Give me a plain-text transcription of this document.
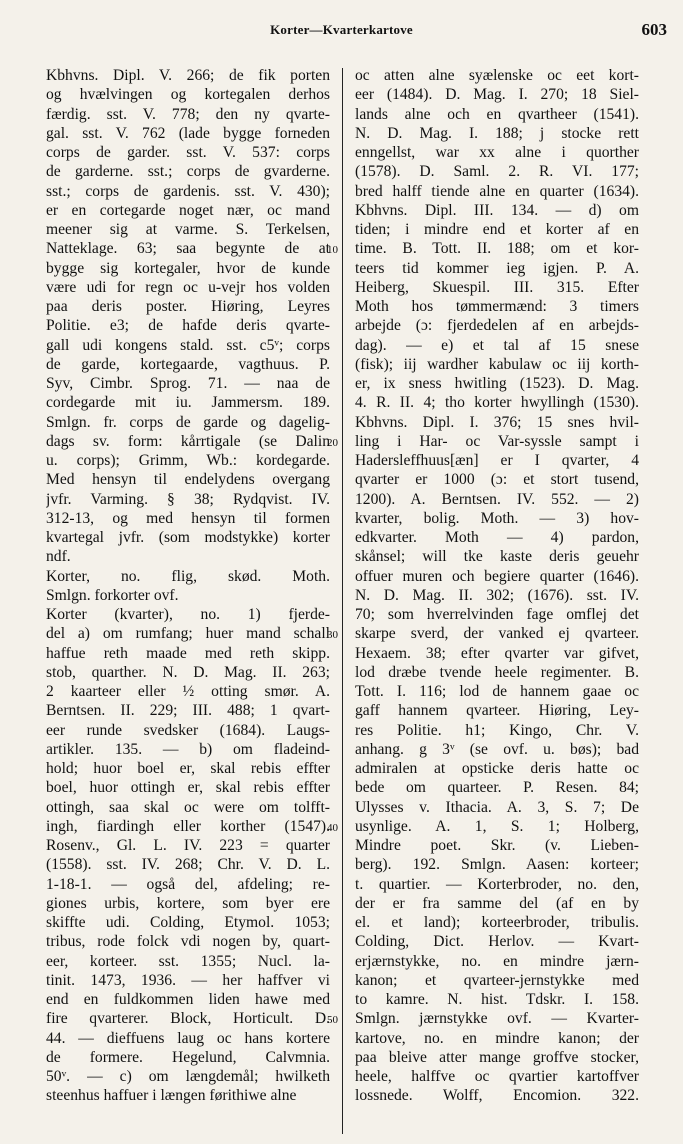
Korter—Kvarterkartove	603
Kbhvns. Dipl. V. 266; de fik porten
og hvælvingen og kortegalen derhos
færdig. sst. V. 778; den ny qvarte-
gal. sst. V. 762 (lade bygge forneden
corps de garder. sst. V. 537: corps
de garderne. sst.; corps de gvarderne.
sst.; corps de gardenis. sst. V. 430);
er en cortegarde noget nær, oc mand
meener sig at varme. S. Terkelsen,
Natteklage. 63; saa begynte de at
bygge sig kortegaler, hvor de kunde
være udi for regn oc u-vejr hos volden
paa deris poster. Hiøring, Leyres
Politie. e3; de hafde deris qvarte-
gall udi kongens stald. sst. c5ᵛ; corps
de garde, kortegaarde, vagthuus. P.
Syv, Cimbr. Sprog. 71. — naa de
cordegarde mit iu. Jammersm. 189.
Smlgn. fr. corps de garde og dagelig-
dags sv. form: kårrtigale (se Dalin
u. corps); Grimm, Wb.: kordegarde.
Med hensyn til endelydens overgang
jvfr. Varming. § 38; Rydqvist. IV.
312-13, og med hensyn til formen
kvartegal jvfr. (som modstykke) korter
ndf.
Korter, no. flig, skød. Moth.
Smlgn. forkorter ovf.
Korter (kvarter), no. 1) fjerde-
del a) om rumfang; huer mand schall
haffue reth maade med reth skipp.
stob, quarther. N. D. Mag. II. 263;
2 kaarteer eller ½ otting smør. A.
Berntsen. II. 229; III. 488; 1 qvart-
eer runde svedsker (1684). Laugs-
artikler. 135. — b) om fladeind-
hold; huor boel er, skal rebis effter
boel, huor ottingh er, skal rebis effter
ottingh, saa skal oc were om tolfft-
ingh, fiardingh eller korther (1547).
Rosenv., Gl. L. IV. 223 = quarter
(1558). sst. IV. 268; Chr. V. D. L.
1-18-1. — også del, afdeling; re-
giones urbis, kortere, som byer ere
skiffte udi. Colding, Etymol. 1053;
tribus, rode folck vdi nogen by, quart-
eer, korteer. sst. 1355; Nucl. la-
tinit. 1473, 1936. — her haffver vi
end en fuldkommen liden hawe med
fire qvarterer. Block, Horticult. D.
44. — dieffuens laug oc hans kortere
de formere. Hegelund, Calvmnia.
50ᵛ. — c) om længdemål; hwilketh
steenhus haffuer i længen førithiwe alne
oc atten alne syælenske oc eet kort-
eer (1484). D. Mag. I. 270; 18 Siel-
lands alne och en qvartheer (1541).
N. D. Mag. I. 188; j stocke rett
enngellst, war xx alne i quorther
(1578). D. Saml. 2. R. VI. 177;
bred halff tiende alne en quarter (1634).
Kbhvns. Dipl. III. 134. — d) om
tiden; i mindre end et korter af en
time. B. Tott. II. 188; om et kor-
teers tid kommer ieg igjen. P. A.
Heiberg, Skuespil. III. 315. Efter
Moth hos tømmermænd: 3 timers
arbejde (ɔ: fjerdedelen af en arbejds-
dag). — e) et tal af 15 snese
(fisk); iij wardher kabulaw oc iij korth-
er, ix sness hwitling (1523). D. Mag.
4. R. II. 4; tho korter hwyllingh (1530).
Kbhvns. Dipl. I. 376; 15 snes hvil-
ling i Har- oc Var-syssle sampt i
Hadersleffhuus[æn] er I qvarter, 4
qvarter er 1000 (ɔ: et stort tusend,
1200). A. Berntsen. IV. 552. — 2)
kvarter, bolig. Moth. — 3) hov-
edkvarter. Moth — 4) pardon,
skånsel; will tke kaste deris geuehr
offuer muren och begiere quarter (1646).
N. D. Mag. II. 302; (1676). sst. IV.
70; som hverrelvinden fage omflej det
skarpe sverd, der vanked ej qvarteer.
Hexaem. 38; efter qvarter var gifvet,
lod dræbe tvende heele regimenter. B.
Tott. I. 116; lod de hannem gaae oc
gaff hannem qvarteer. Hiøring, Ley-
res Politie. h1; Kingo, Chr. V.
anhang. g 3ᵛ (se ovf. u. bøs); bad
admiralen at opsticke deris hatte oc
bede om quarteer. P. Resen. 84;
Ulysses v. Ithacia. A. 3, S. 7; De
usynlige. A. 1, S. 1; Holberg,
Mindre poet. Skr. (v. Lieben-
berg). 192. Smlgn. Aasen: korteer;
t. quartier. — Korterbroder, no. den,
der er fra samme del (af en by
el. et land); korteerbroder, tribulis.
Colding, Dict. Herlov. — Kvart-
erjærnstykke, no. en mindre jærn-
kanon; et qvarteer-jernstykke med
to kamre. N. hist. Tdskr. I. 158.
Smlgn. jærnstykke ovf. — Kvarter-
kartove, no. en mindre kanon; der
paa bleive atter mange groffve stocker,
heele, halffve oc qvartier kartoffver
lossnede. Wolff, Encomion. 322.
10
20
30
40
50
